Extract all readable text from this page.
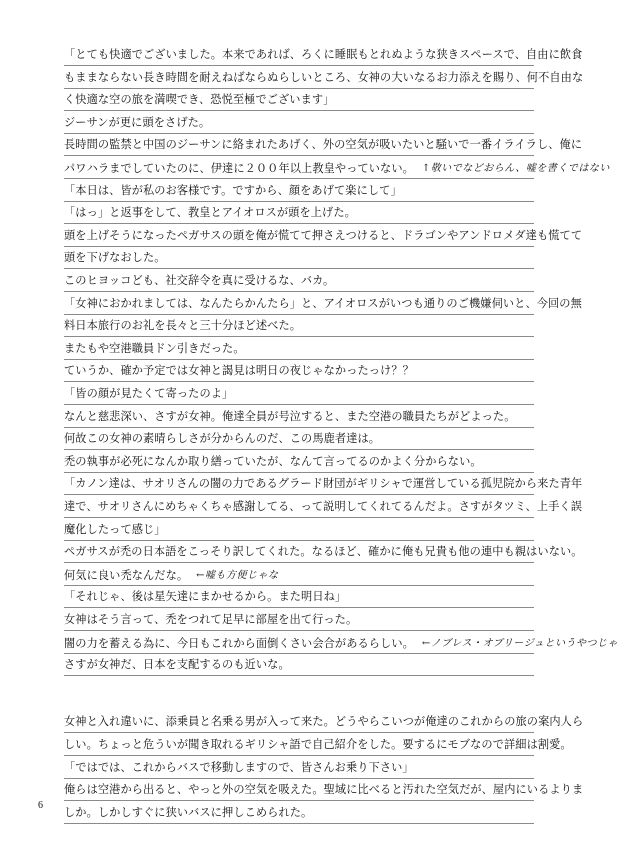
「とても快適でございました。本来であれば、ろくに睡眠もとれぬような狭きスペースで、自由に飲食
もままならない長き時間を耐えねばならぬらしいところ、女神の大いなるお力添えを賜り、何不自由な
く快適な空の旅を満喫でき、恐悦至極でございます」
ジーサンが更に頭をさげた。
長時間の監禁と中国のジーサンに絡まれたあげく、外の空気が吸いたいと騒いで一番イライラし、俺に
パワハラまでしていたのに、伊達に２００年以上教皇やっていない。 ↑敬いでなどおらん、嘘を書くではない
「本日は、皆が私のお客様です。ですから、顔をあげて楽にして」
「はっ」と返事をして、教皇とアイオロスが頭を上げた。
頭を上げそうになったペガサスの頭を俺が慌てて押さえつけると、ドラゴンやアンドロメダ達も慌てて
頭を下げなおした。
このヒヨッコども、社交辞令を真に受けるな、バカ。
「女神におかれましては、なんたらかんたら」と、アイオロスがいつも通りのご機嫌伺いと、今回の無
料日本旅行のお礼を長々と三十分ほど述べた。
またもや空港職員ドン引きだった。
ていうか、確か予定では女神と謁見は明日の夜じゃなかったっけ？？
「皆の顔が見たくて寄ったのよ」
なんと慈悲深い、さすが女神。俺達全員が号泣すると、また空港の職員たちがどよった。
何故この女神の素晴らしさが分からんのだ、この馬鹿者達は。
禿の執事が必死になんか取り繕っていたが、なんて言ってるのかよく分からない。
「カノン達は、サオリさんの闇の力であるグラード財団がギリシャで運営している孤児院から来た青年
達で、サオリさんにめちゃくちゃ感謝してる、って説明してくれてるんだよ。さすがタツミ、上手く誤
魔化したって感じ」
ペガサスが禿の日本語をこっそり訳してくれた。なるほど、確かに俺も兄貴も他の連中も親はいない。
何気に良い禿なんだな。 ←嘘も方便じゃな
「それじゃ、後は星矢達にまかせるから。また明日ね」
女神はそう言って、禿をつれて足早に部屋を出て行った。
闇の力を蓄える為に、今日もこれから面倒くさい会合があるらしい。 ←ノブレス・オブリージュというやつじゃ
さすが女神だ、日本を支配するのも近いな。
女神と入れ違いに、添乗員と名乗る男が入って来た。どうやらこいつが俺達のこれからの旅の案内人ら
しい。ちょっと危ういが聞き取れるギリシャ語で自己紹介をした。要するにモブなので詳細は割愛。
「ではでは、これからバスで移動しますので、皆さんお乗り下さい」
俺らは空港から出ると、やっと外の空気を吸えた。聖域に比べると汚れた空気だが、屋内にいるよりま
しか。しかしすぐに狭いバスに押しこめられた。
6
